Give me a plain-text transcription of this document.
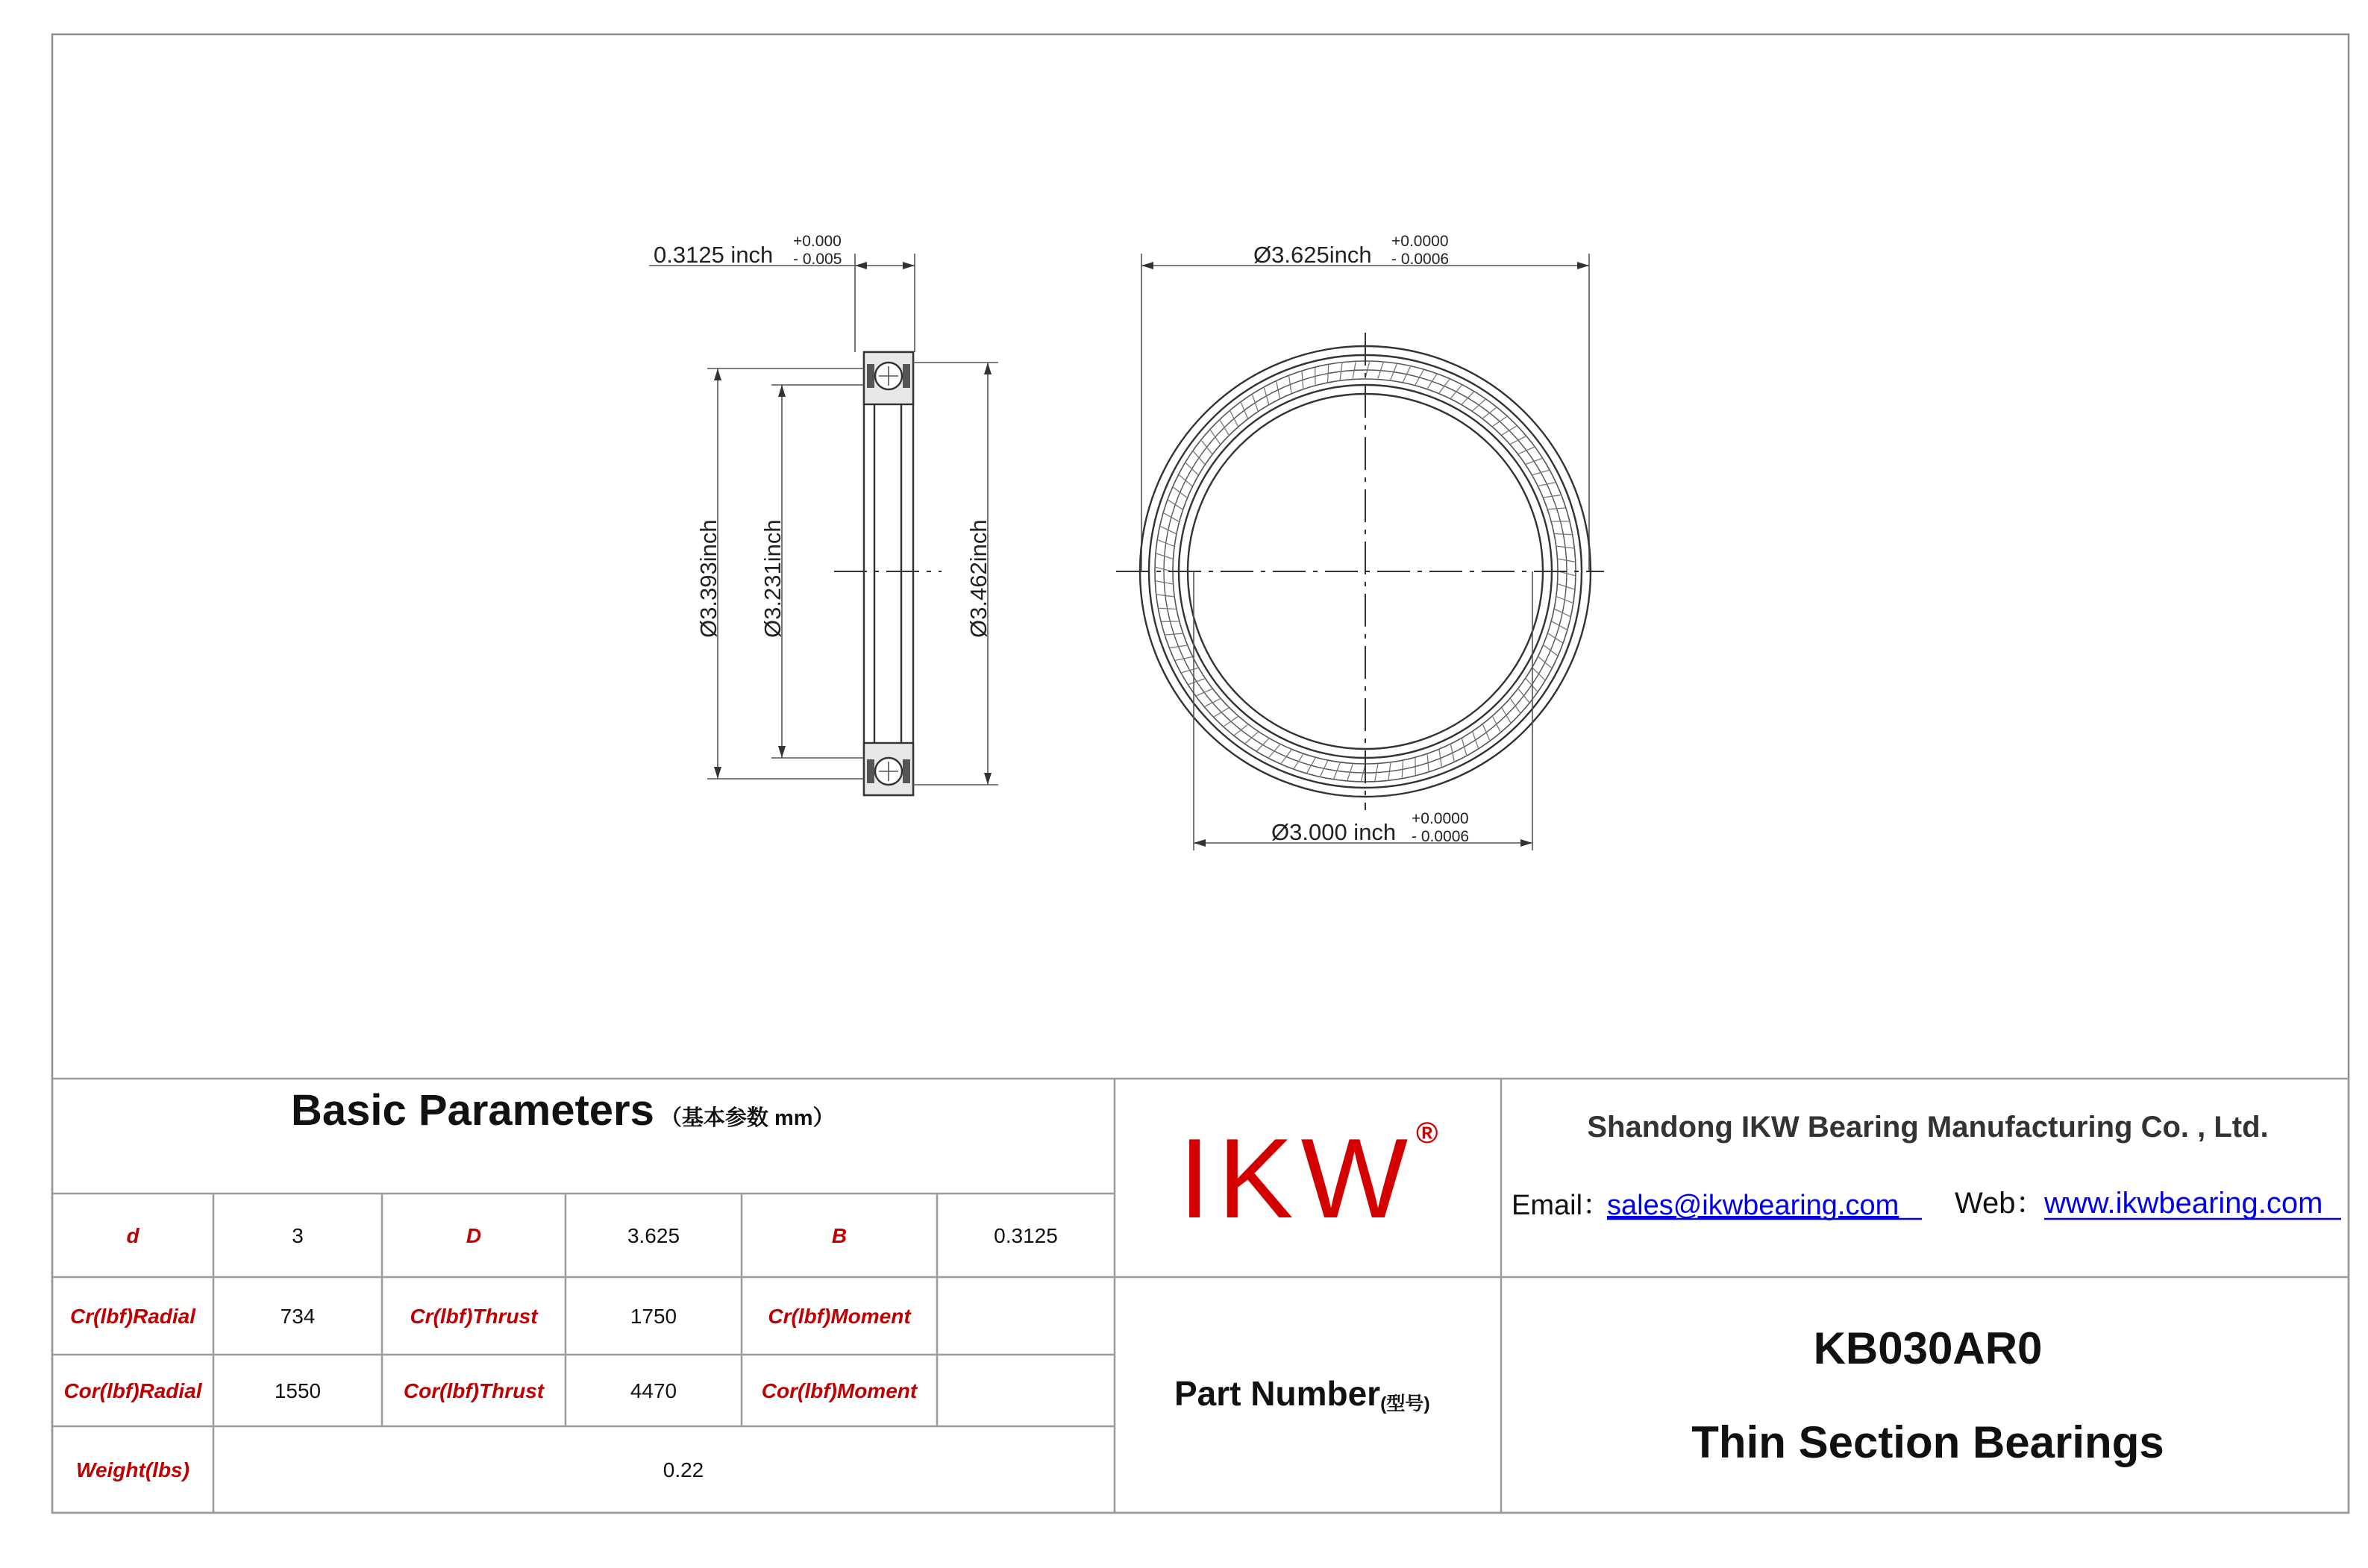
0.3125 inch
+0.000
- 0.005
Ø3.393inch Ø3.231inch	Ø3.462inch
Ø3.625inch
+0.0000
- 0.0006
Ø3.000 inch
+0.0000
- 0.0006
Basic Parameters （基本参数 mm）
d	3	D	3.625	B	0.3125
Cr(lbf)Radial	734	Cr(lbf)Thrust	1750	Cr(lbf)Moment
Cor(lbf)Radial	1550	Cor(lbf)Thrust	4470	Cor(lbf)Moment
Weight(lbs)	0.22
IKW ®
Part Number(型号)
Shandong IKW Bearing Manufacturing Co. , Ltd.
Email：
sales@ikwbearing.com Web：
www.ikwbearing.com
KB030AR0
Thin Section Bearings
